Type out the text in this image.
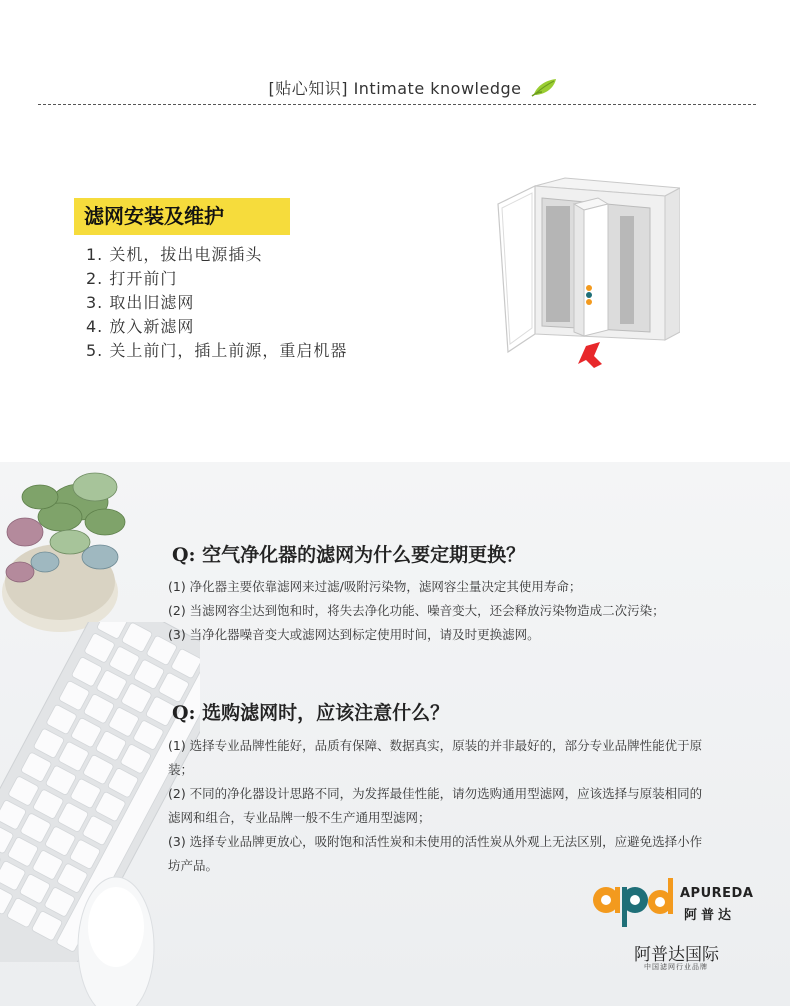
[贴心知识] Intimate knowledge
滤网安装及维护
1. 关机，拔出电源插头
2. 打开前门
3. 取出旧滤网
4. 放入新滤网
5. 关上前门，插上前源，重启机器
Q: 空气净化器的滤网为什么要定期更换？

(1) 净化器主要依靠滤网来过滤/吸附污染物，滤网容尘量决定其使用寿命；

(2) 当滤网容尘达到饱和时，将失去净化功能、噪音变大，还会释放污染物造成二次污染；

(3) 当净化器噪音变大或滤网达到标定使用时间，请及时更换滤网。

Q: 选购滤网时，应该注意什么？

(1) 选择专业品牌性能好，品质有保障、数据真实，原装的并非最好的，部分专业品牌性能优于原装；

(2) 不同的净化器设计思路不同，为发挥最佳性能，请勿选购通用型滤网，应该选择与原装相同的滤网和组合，专业品牌一般不生产通用型滤网；

(3) 选择专业品牌更放心，吸附饱和活性炭和未使用的活性炭从外观上无法区别，应避免选择小作坊产品。

APUREDA
阿普达
阿普达国际
中国滤网行业品牌
